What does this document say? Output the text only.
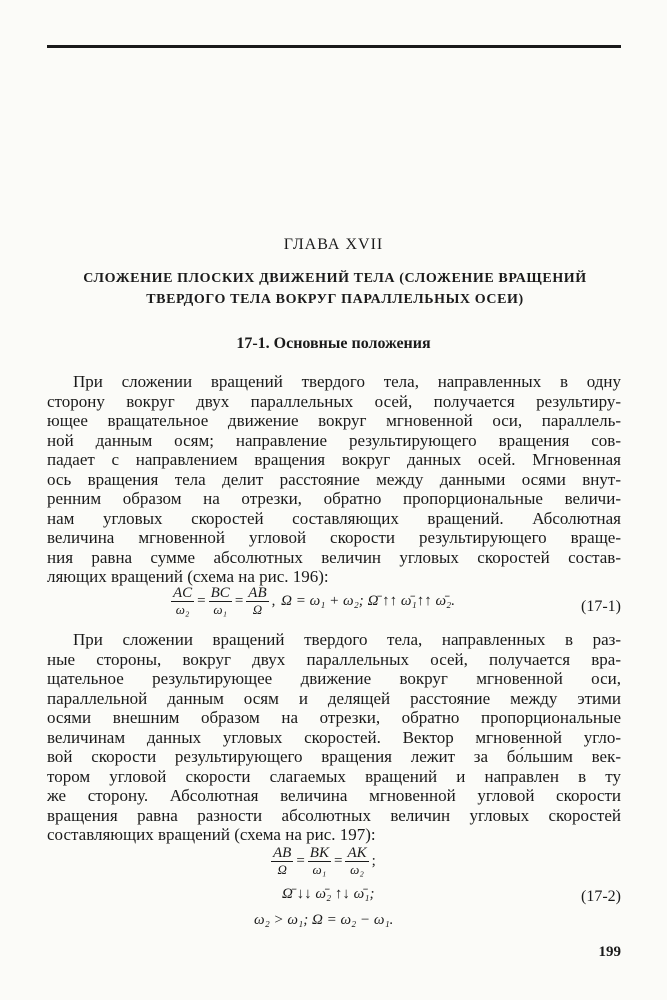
ГЛАВА XVII
СЛОЖЕНИЕ ПЛОСКИХ ДВИЖЕНИЙ ТЕЛА (СЛОЖЕНИЕ ВРАЩЕНИЙ
ТВЕРДОГО ТЕЛА ВОКРУГ ПАРАЛЛЕЛЬНЫХ ОСЕИ)
17-1. Основные положения
При сложении вращений твердого тела, направленных в одну
сторону вокруг двух параллельных осей, получается результиру-
ющее вращательное движение вокруг мгновенной оси, параллель-
ной данным осям; направление результирующего вращения сов-
падает с направлением вращения вокруг данных осей. Мгновенная
ось вращения тела делит расстояние между данными осями внут-
ренним образом на отрезки, обратно пропорциональные величи-
нам угловых скоростей составляющих вращений. Абсолютная
величина мгновенной угловой скорости результирующего враще-
ния равна сумме абсолютных величин угловых скоростей состав-
ляющих вращений (схема на рис. 196):
$\frac{AC}{\text{ω₂}} = \frac{BC}{\text{ω₁}} = \frac{AB}{\Omega}$ , Ω = ω₁ + ω₂; Ω̄ ↑↑ ω̄₁↑↑ ω̄₂.	(17-1)
При сложении вращений твердого тела, направленных в раз-
ные стороны, вокруг двух параллельных осей, получается вра-
щательное результирующее движение вокруг мгновенной оси,
параллельной данным осям и делящей расстояние между этими
осями внешним образом на отрезки, обратно пропорциональные
величинам данных угловых скоростей. Вектор мгновенной угло-
вой скорости результирующего вращения лежит за бо́льшим век-
тором угловой скорости слагаемых вращений и направлен в ту
же сторону. Абсолютная величина мгновенной угловой скорости
вращения равна разности абсолютных величин угловых скоростей
составляющих вращений (схема на рис. 197):
$\frac{AB}{\Omega} = \frac{BK}{\text{ω₁}} = \frac{AK}{\text{ω₂}}$ ;
Ω̄ ↓↓ ω̄₂ ↑↓ ω̄₁;	(17-2)
ω₂ > ω₁; Ω = ω₂ − ω₁.
199
